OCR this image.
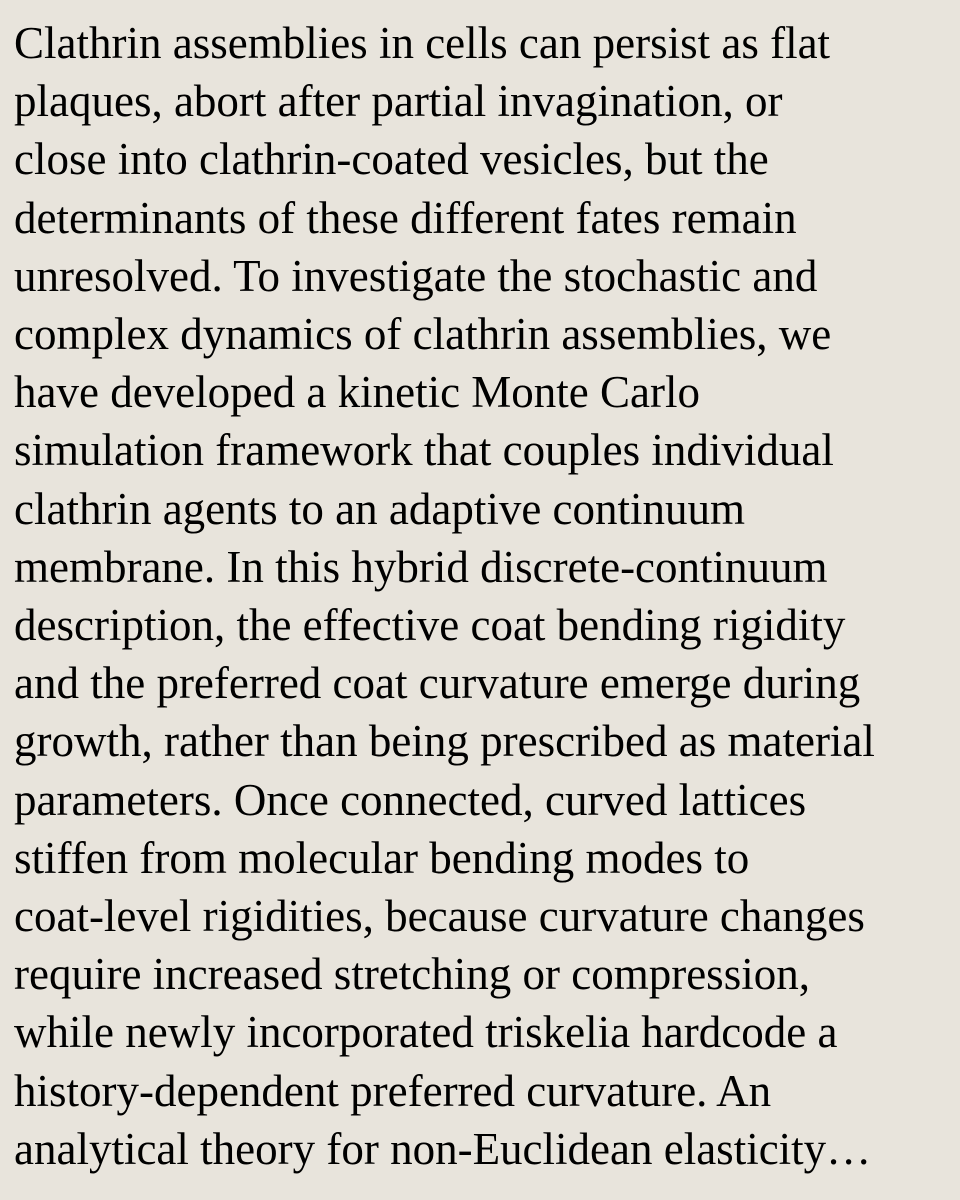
Clathrin assemblies in cells can persist as flat
plaques, abort after partial invagination, or
close into clathrin-coated vesicles, but the
determinants of these different fates remain
unresolved. To investigate the stochastic and
complex dynamics of clathrin assemblies, we
have developed a kinetic Monte Carlo
simulation framework that couples individual
clathrin agents to an adaptive continuum
membrane. In this hybrid discrete-continuum
description, the effective coat bending rigidity
and the preferred coat curvature emerge during
growth, rather than being prescribed as material
parameters. Once connected, curved lattices
stiffen from molecular bending modes to
coat-level rigidities, because curvature changes
require increased stretching or compression,
while newly incorporated triskelia hardcode a
history-dependent preferred curvature. An
analytical theory for non-Euclidean elasticity…
